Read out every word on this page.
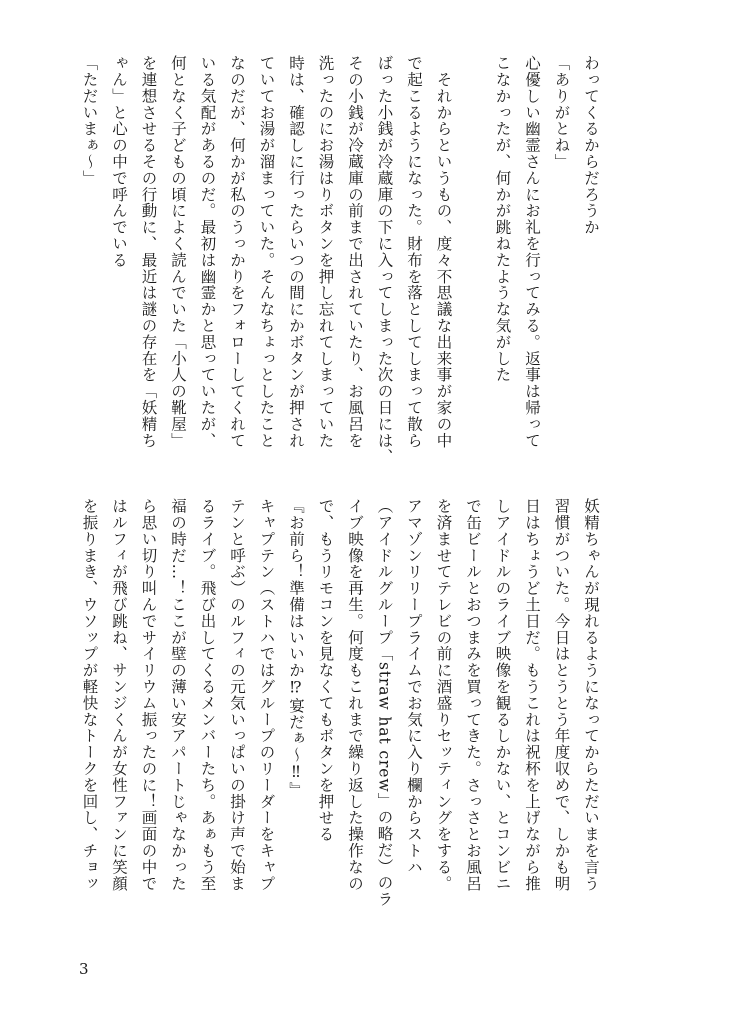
わってくるからだろうか
「ありがとね」
心優しい幽霊さんにお礼を行ってみる。返事は帰って
こなかったが、何かが跳ねたような気がした
　それからというもの、度々不思議な出来事が家の中
で起こるようになった。財布を落としてしまって散ら
ばった小銭が冷蔵庫の下に入ってしまった次の日には、
その小銭が冷蔵庫の前まで出されていたり、お風呂を
洗ったのにお湯はりボタンを押し忘れてしまっていた
時は、確認しに行ったらいつの間にかボタンが押され
ていてお湯が溜まっていた。そんなちょっとしたこと
なのだが、何かが私のうっかりをフォローしてくれて
いる気配があるのだ。最初は幽霊かと思っていたが、
何となく子どもの頃によく読んでいた「小人の靴屋」
を連想させるその行動に、最近は謎の存在を「妖精ち
ゃん」と心の中で呼んでいる
「ただいまぁ～」
妖精ちゃんが現れるようになってからただいまを言う
習慣がついた。今日はとうとう年度収めで、しかも明
日はちょうど土日だ。もうこれは祝杯を上げながら推
しアイドルのライブ映像を観るしかない、とコンビニ
で缶ビールとおつまみを買ってきた。さっさとお風呂
を済ませてテレビの前に酒盛りセッティングをする。
アマゾンリリープライムでお気に入り欄からストハ
（アイドルグループ「straw hat crew」の略だ）のラ
イブ映像を再生。何度もこれまで繰り返した操作なの
で、もうリモコンを見なくてもボタンを押せる
『お前ら！準備はいいか⁉宴だぁ～‼』
キャプテン（ストハではグループのリーダーをキャプ
テンと呼ぶ）のルフィの元気いっぱいの掛け声で始ま
るライブ。飛び出してくるメンバーたち。あぁもう至
福の時だ…！ここが壁の薄い安アパートじゃなかった
ら思い切り叫んでサイリウム振ったのに！画面の中で
はルフィが飛び跳ね、サンジくんが女性ファンに笑顔
を振りまき、ウソップが軽快なトークを回し、チョッ
3
